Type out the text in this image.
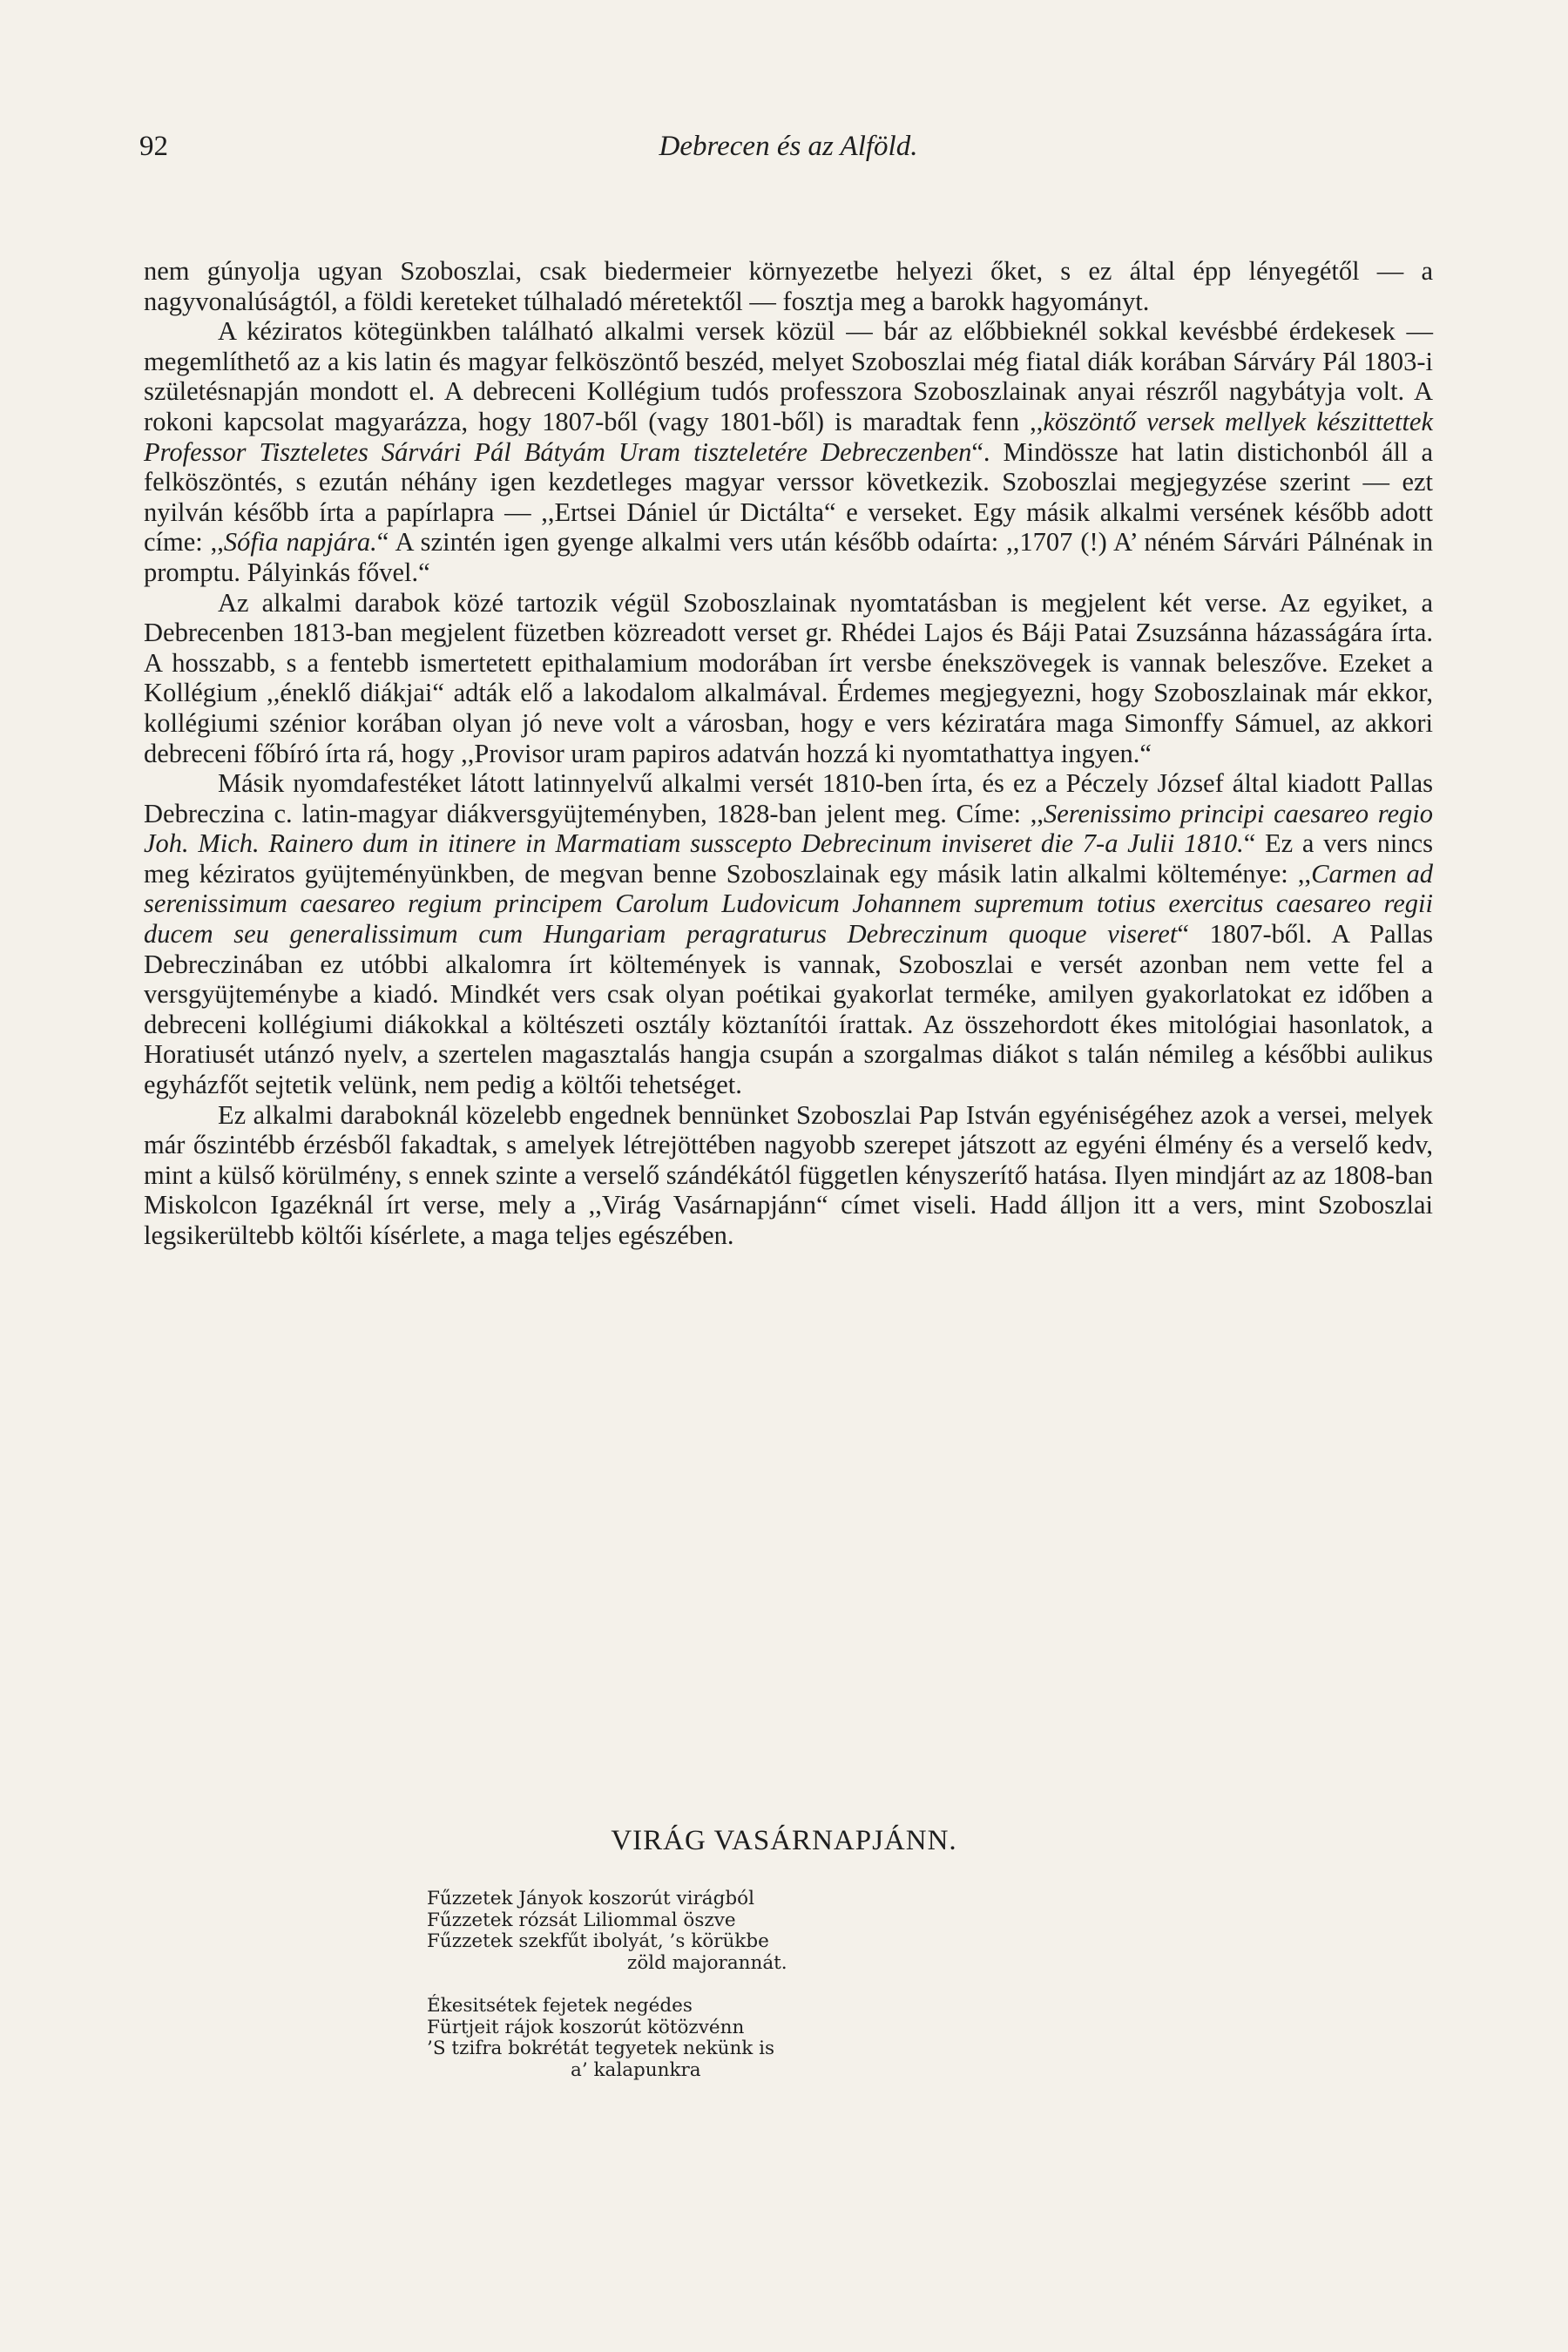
92	Debrecen és az Alföld.

nem gúnyolja ugyan Szoboszlai, csak biedermeier környezetbe helyezi őket, s ez által épp lényegétől — a nagyvonalúságtól, a földi kereteket túlhaladó méretektől — fosztja meg a barokk hagyományt.

A kéziratos kötegünkben található alkalmi versek közül — bár az előbbieknél sokkal kevésbbé érdekesek — megemlíthető az a kis latin és magyar felköszöntő beszéd, melyet Szoboszlai még fiatal diák korában Sárváry Pál 1803-i születésnapján mondott el. A debreceni Kollégium tudós professzora Szoboszlainak anyai részről nagybátyja volt. A rokoni kapcsolat magyarázza, hogy 1807-ből (vagy 1801-ből) is maradtak fenn ,,köszöntő versek mellyek készittettek Professor Tiszteletes Sárvári Pál Bátyám Uram tiszteletére Debreczenben“. Mindössze hat latin distichonból áll a felköszöntés, s ezután néhány igen kezdetleges magyar verssor következik. Szoboszlai megjegyzése szerint — ezt nyilván később írta a papírlapra — ,,Ertsei Dániel úr Dictálta“ e verseket. Egy másik alkalmi versének később adott címe: ,,Sófia napjára.“ A szintén igen gyenge alkalmi vers után később odaírta: ,,1707 (!) A’ néném Sárvári Pálnénak in promptu. Pályinkás fővel.“

Az alkalmi darabok közé tartozik végül Szoboszlainak nyomtatásban is megjelent két verse. Az egyiket, a Debrecenben 1813-ban megjelent füzetben közreadott verset gr. Rhédei Lajos és Báji Patai Zsuzsánna házasságára írta. A hosszabb, s a fentebb ismertetett epithalamium modorában írt versbe énekszövegek is vannak beleszőve. Ezeket a Kollégium ,,éneklő diákjai“ adták elő a lakodalom alkalmával. Érdemes megjegyezni, hogy Szoboszlainak már ekkor, kollégiumi szénior korában olyan jó neve volt a városban, hogy e vers kéziratára maga Simonffy Sámuel, az akkori debreceni főbíró írta rá, hogy ,,Provisor uram papiros adatván hozzá ki nyomtathattya ingyen.“

Másik nyomdafestéket látott latinnyelvű alkalmi versét 1810-ben írta, és ez a Péczely József által kiadott Pallas Debreczina c. latin-magyar diákversgyüjteményben, 1828-ban jelent meg. Címe: ,,Serenissimo principi caesareo regio Joh. Mich. Rainero dum in itinere in Marmatiam sussceptо Debrecinum inviseret die 7-a Julii 1810.“ Ez a vers nincs meg kéziratos gyüjteményünkben, de megvan benne Szoboszlainak egy másik latin alkalmi költeménye: ,,Carmen ad serenissimum caesareo regium principem Carolum Ludovicum Johannem supremum totius exercitus caesareo regii ducem seu generalissimum cum Hungariam peragraturus Debreczinum quoque viseret“ 1807-ből. A Pallas Debreczinában ez utóbbi alkalomra írt költemények is vannak, Szoboszlai e versét azonban nem vette fel a versgyüjteménybe a kiadó. Mindkét vers csak olyan poétikai gyakorlat terméke, amilyen gyakorlatokat ez időben a debreceni kollégiumi diákokkal a költészeti osztály köztanítói írattak. Az összehordott ékes mitológiai hasonlatok, a Horatiusét utánzó nyelv, a szertelen magasztalás hangja csupán a szorgalmas diákot s talán némileg a későbbi aulikus egyházfőt sejtetik velünk, nem pedig a költői tehetséget.

Ez alkalmi daraboknál közelebb engednek bennünket Szoboszlai Pap István egyéniségéhez azok a versei, melyek már őszintébb érzésből fakadtak, s amelyek létrejöttében nagyobb szerepet játszott az egyéni élmény és a verselő kedv, mint a külső körülmény, s ennek szinte a verselő szándékától független kényszerítő hatása. Ilyen mindjárt az az 1808-ban Miskolcon Igazéknál írt verse, mely a ,,Virág Vasárnapjánn“ címet viseli. Hadd álljon itt a vers, mint Szoboszlai legsikerültebb költői kísérlete, a maga teljes egészében.

VIRÁG VASÁRNAPJÁNN.
Fűzzetek Jányok koszorút virágból
Fűzzetek rózsát Liliommal öszve
Fűzzetek szekfűt ibolyát, ’s körükbe
zöld majorannát.
Ékesitsétek fejetek negédes
Fürtjeit rájok koszorút kötözvénn
’S tzifra bokrétát tegyetek nekünk is
a’ kalapunkra
